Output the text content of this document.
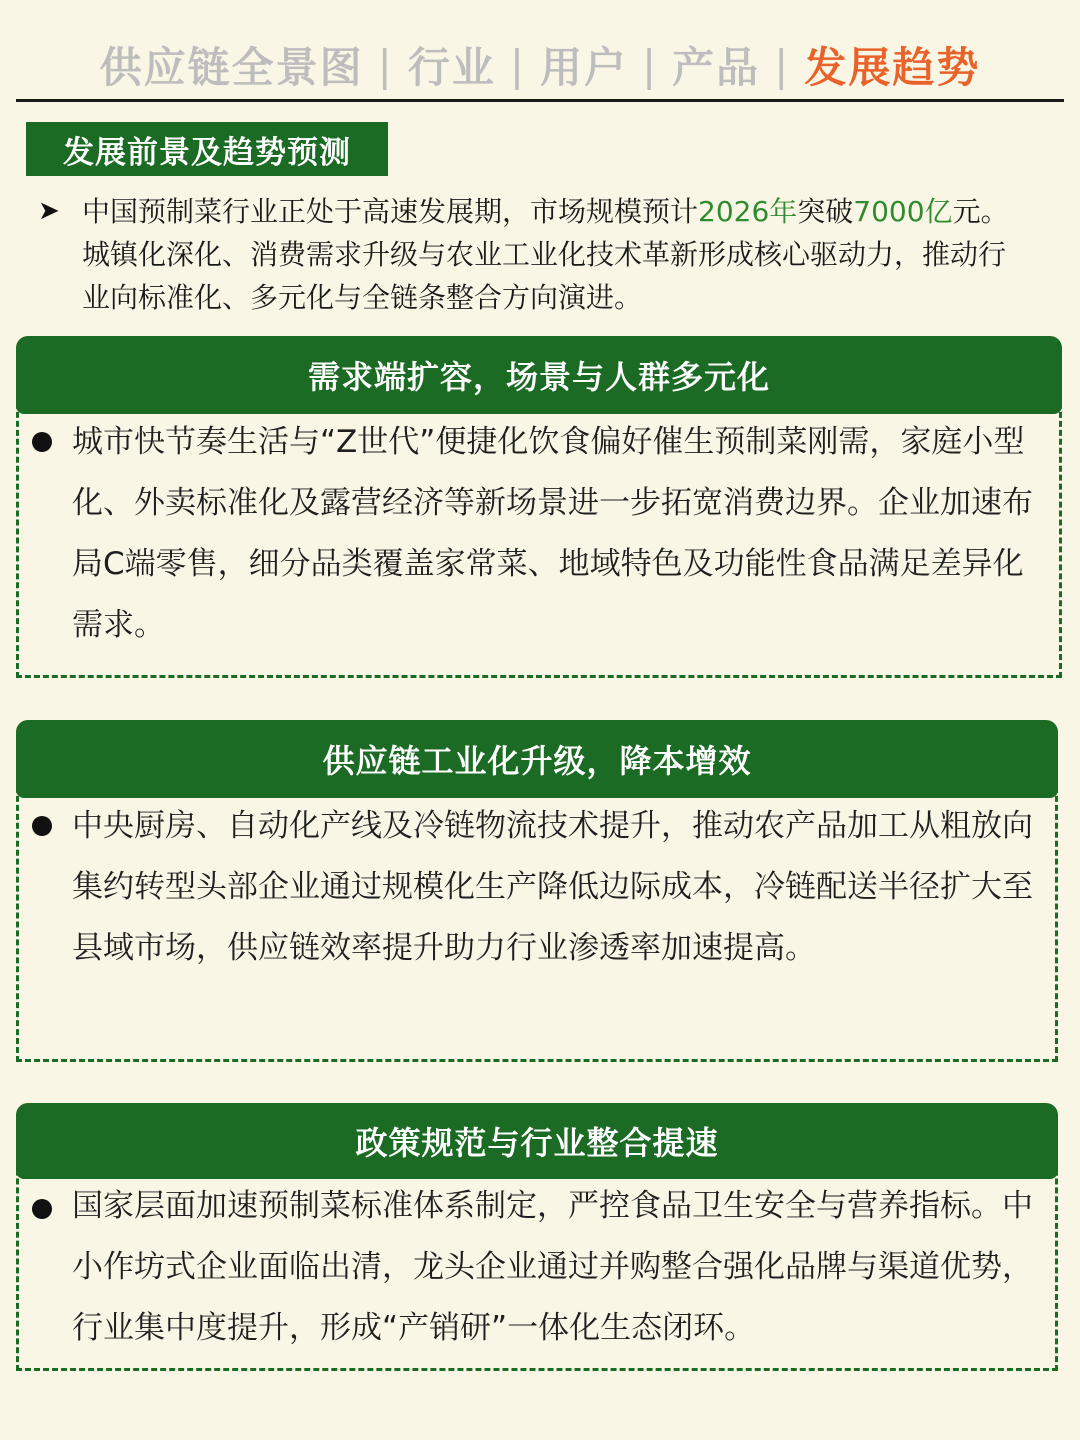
供应链全景图 | 行业 | 用户 | 产品 | 发展趋势
发展前景及趋势预测
➤ 中国预制菜行业正处于高速发展期，市场规模预计2026年突破7000亿元。城镇化深化、消费需求升级与农业工业化技术革新形成核心驱动力，推动行业向标准化、多元化与全链条整合方向演进。

需求端扩容，场景与人群多元化
城市快节奏生活与“Z世代”便捷化饮食偏好催生预制菜刚需，家庭小型化、外卖标准化及露营经济等新场景进一步拓宽消费边界。企业加速布局C端零售，细分品类覆盖家常菜、地域特色及功能性食品满足差异化需求。
供应链工业化升级，降本增效
中央厨房、自动化产线及冷链物流技术提升，推动农产品加工从粗放向集约转型头部企业通过规模化生产降低边际成本，冷链配送半径扩大至县域市场，供应链效率提升助力行业渗透率加速提高。
政策规范与行业整合提速
国家层面加速预制菜标准体系制定，严控食品卫生安全与营养指标。中小作坊式企业面临出清，龙头企业通过并购整合强化品牌与渠道优势，行业集中度提升，形成“产销研”一体化生态闭环。
